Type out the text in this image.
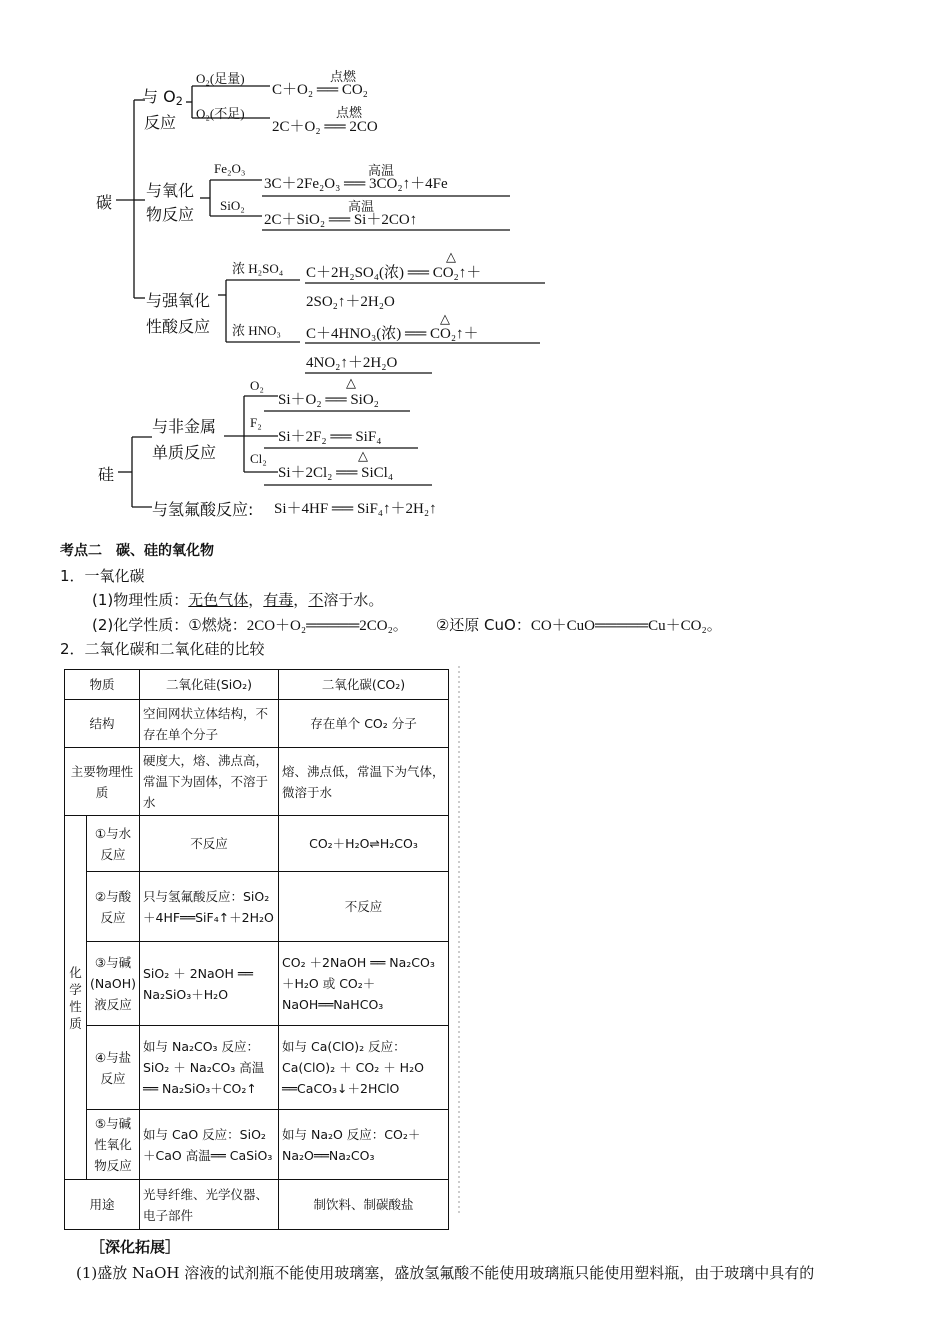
碳
与 $O_2$
反应
O₂(足量)	点燃
C＋O₂ ══ CO₂
O₂(不足)	点燃
2C＋O₂ ══ 2CO
与氧化
物反应
Fe₂O₃	高温
3C＋2Fe₂O₃ ══ 3CO₂↑＋4Fe
SiO₂	高温
2C＋SiO₂ ══ Si＋2CO↑
与强氧化
性酸反应
浓 H₂SO₄
△
C＋2H₂SO₄(浓) ══ CO₂↑＋
2SO₂↑＋2H₂O
浓 HNO₃
△
C＋4HNO₃(浓) ══ CO₂↑＋
4NO₂↑＋2H₂O
硅
与非金属
单质反应
O₂	△
Si＋O₂ ══ SiO₂
F₂
Si＋2F₂ ══ SiF₄
Cl₂	△
Si＋2Cl₂ ══ SiCl₄
与氢氟酸反应: Si＋4HF ══ SiF₄↑＋2H₂↑
考点二　碳、硅的氧化物
1．一氧化碳
(1)物理性质：无色气体，有毒，不溶于水。
(2)化学性质：①燃烧：2CO＋O₂═════2CO₂。 ②还原 CuO：CO＋CuO═════Cu＋CO₂。
2．二氧化碳和二氧化硅的比较
物质		二氧化硅(SiO₂)	二氧化碳(CO₂)
结构		空间网状立体结构，不存在单个分子	存在单个 CO₂ 分子
主要物理性质		硬度大，熔、沸点高，常温下为固体，不溶于水	熔、沸点低，常温下为气体，微溶于水
化学性质	①与水反应	不反应	CO₂＋H₂O⇌H₂CO₃
	②与酸反应	只与氢氟酸反应：SiO₂＋4HF══SiF₄↑＋2H₂O	不反应
	③与碱(NaOH)液反应	SiO₂ ＋ 2NaOH ══ Na₂SiO₃＋H₂O	CO₂ ＋2NaOH ══ Na₂CO₃＋H₂O 或 CO₂＋NaOH══NaHCO₃
	④与盐反应	如与 Na₂CO₃ 反应：SiO₂ ＋ Na₂CO₃ 高温══ Na₂SiO₃＋CO₂↑	如与 Ca(ClO)₂ 反应：Ca(ClO)₂ ＋ CO₂ ＋ H₂O ══CaCO₃↓＋2HClO
	⑤与碱性氧化物反应	如与 CaO 反应：SiO₂＋CaO 高温══ CaSiO₃	如与 Na₂O 反应：CO₂＋Na₂O══Na₂CO₃
用途		光导纤维、光学仪器、电子部件	制饮料、制碳酸盐
［深化拓展］
(1)盛放 NaOH 溶液的试剂瓶不能使用玻璃塞，盛放氢氟酸不能使用玻璃瓶只能使用塑料瓶，由于玻璃中具有的
